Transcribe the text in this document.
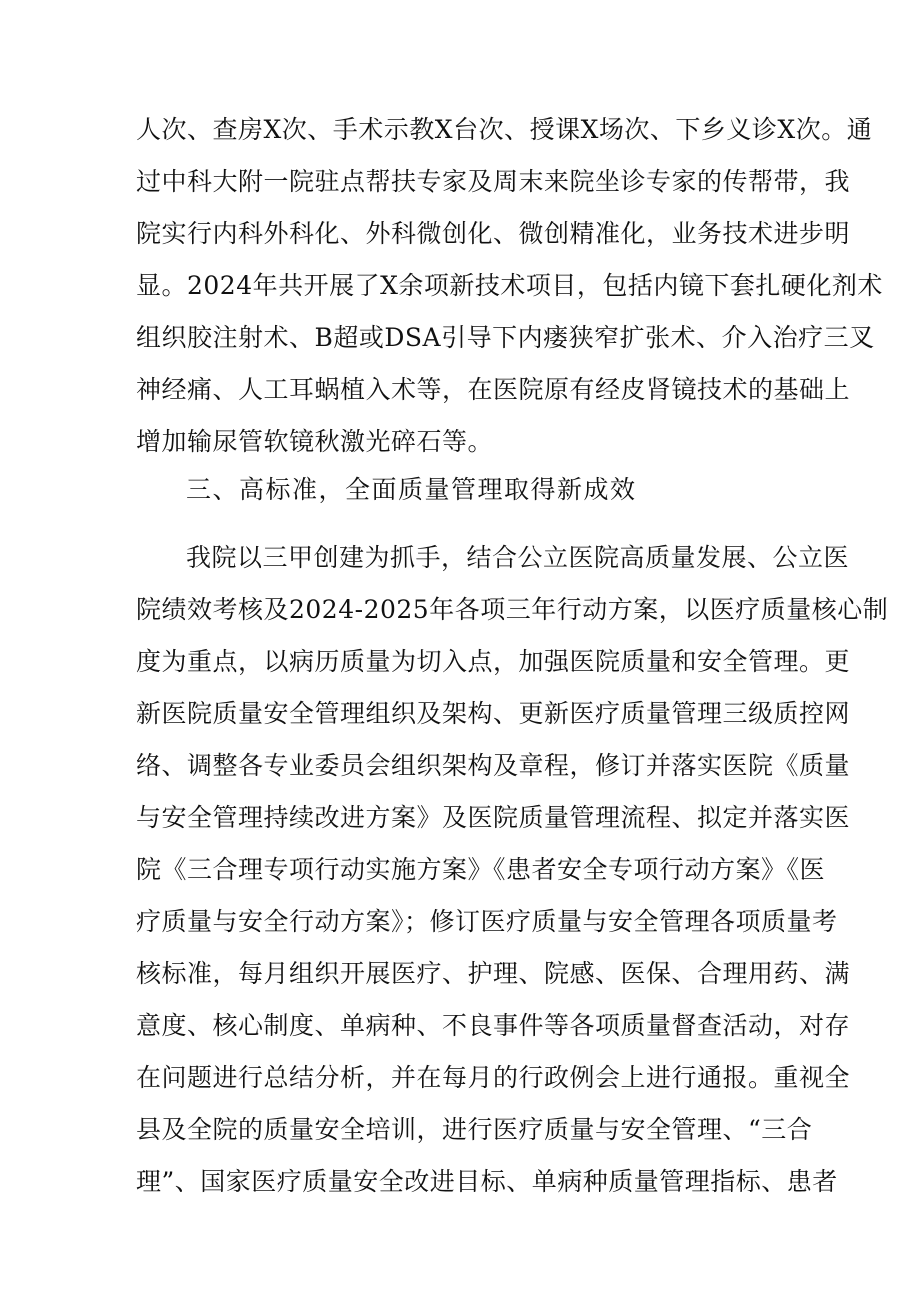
人次、查房X次、手术示教X台次、授课X场次、下乡义诊X次。通
过中科大附一院驻点帮扶专家及周末来院坐诊专家的传帮带，我
院实行内科外科化、外科微创化、微创精准化，业务技术进步明
显。2024年共开展了X余项新技术项目，包括内镜下套扎硬化剂术
组织胶注射术、B超或DSA引导下内瘘狭窄扩张术、介入治疗三叉
神经痛、人工耳蜗植入术等，在医院原有经皮肾镜技术的基础上
增加输尿管软镜秋激光碎石等。
三、高标准，全面质量管理取得新成效
我院以三甲创建为抓手，结合公立医院高质量发展、公立医
院绩效考核及2024-2025年各项三年行动方案，以医疗质量核心制
度为重点，以病历质量为切入点，加强医院质量和安全管理。更
新医院质量安全管理组织及架构、更新医疗质量管理三级质控网
络、调整各专业委员会组织架构及章程，修订并落实医院《质量
与安全管理持续改进方案》及医院质量管理流程、拟定并落实医
院《三合理专项行动实施方案》《患者安全专项行动方案》《医
疗质量与安全行动方案》；修订医疗质量与安全管理各项质量考
核标准，每月组织开展医疗、护理、院感、医保、合理用药、满
意度、核心制度、单病种、不良事件等各项质量督查活动，对存
在问题进行总结分析，并在每月的行政例会上进行通报。重视全
县及全院的质量安全培训，进行医疗质量与安全管理、“三合
理”、国家医疗质量安全改进目标、单病种质量管理指标、患者
